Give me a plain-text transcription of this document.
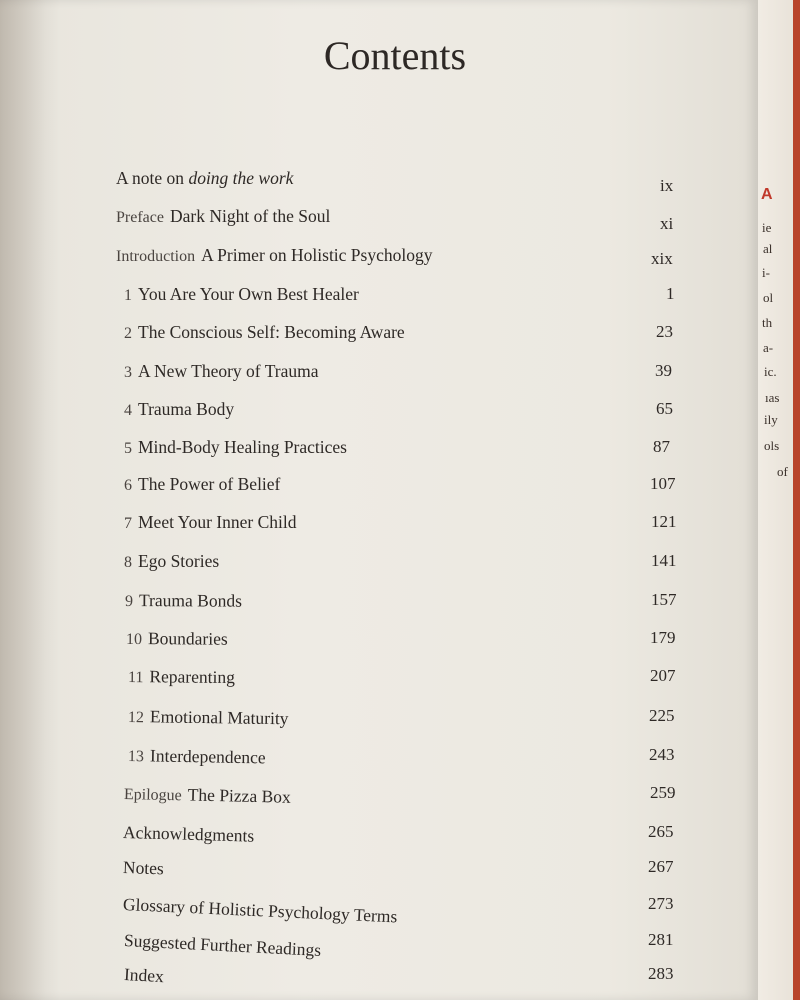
A
ie
al
i-
ol
th
a-
ic.
ıas
ily
ols
of
Contents
A note on doing the work	ix
Preface Dark Night of the Soul	xi
Introduction A Primer on Holistic Psychology	xix
1 You Are Your Own Best Healer	1
2 The Conscious Self: Becoming Aware	23
3 A New Theory of Trauma	39
4 Trauma Body	65
5 Mind-Body Healing Practices	87
6 The Power of Belief	107
7 Meet Your Inner Child	121
8 Ego Stories	141
9 Trauma Bonds	157
10 Boundaries	179
11 Reparenting	207
12 Emotional Maturity	225
13 Interdependence	243
Epilogue The Pizza Box	259
Acknowledgments	265
Notes	267
Glossary of Holistic Psychology Terms	273
Suggested Further Readings	281
Index	283
